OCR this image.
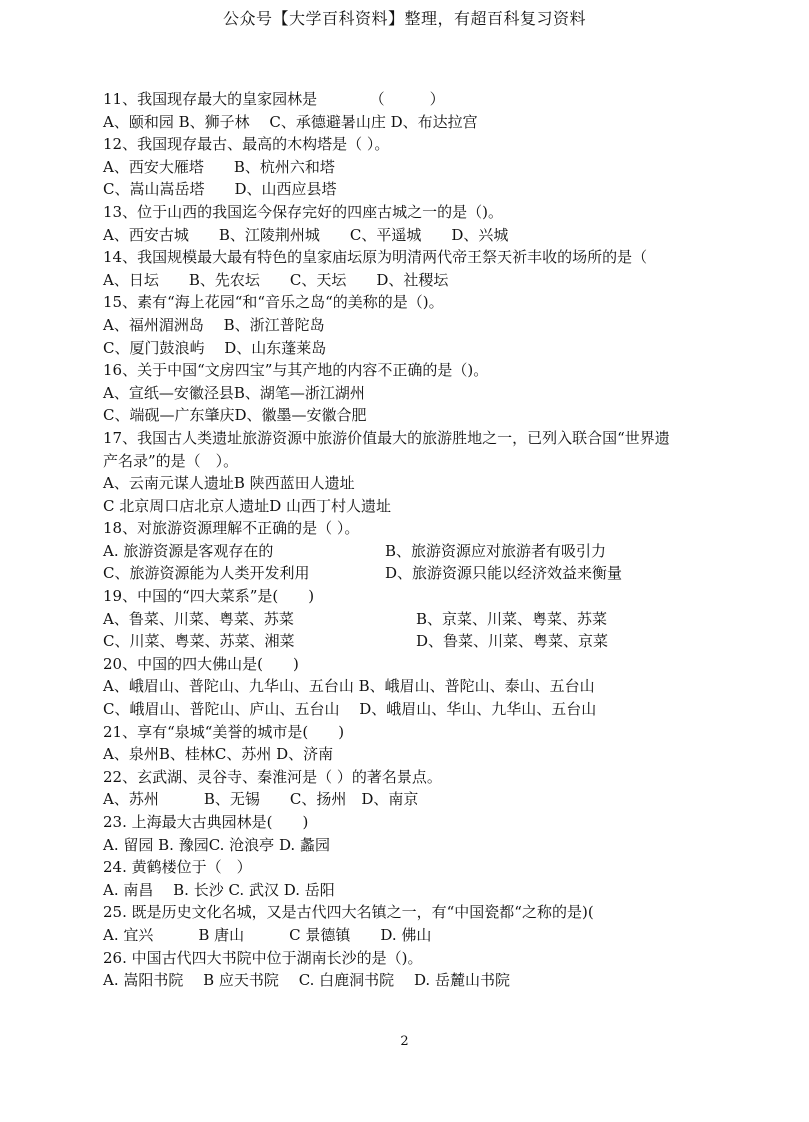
公众号【大学百科资料】整理，有超百科复习资料
11、我国现存最大的皇家园林是　　　　（　　　）
A、颐和园 B、狮子林　 C、承德避暑山庄 D、布达拉宫
12、我国现存最古、最高的木构塔是（ ）。
A、西安大雁塔　　B、杭州六和塔
C、嵩山嵩岳塔　　D、山西应县塔
13、位于山西的我国迄今保存完好的四座古城之一的是（)。
A、西安古城　　B、江陵荆州城　　C、平遥城　　D、兴城
14、我国规模最大最有特色的皇家庙坛原为明清两代帝王祭天祈丰收的场所的是（
A、日坛　　B、先农坛　　C、天坛　　D、社稷坛
15、素有“海上花园“和“音乐之岛“的美称的是（)。
A、福州湄洲岛　 B、浙江普陀岛
C、厦门鼓浪屿　 D、山东蓬莱岛
16、关于中国“文房四宝”与其产地的内容不正确的是（)。
A、宣纸—安徽泾县B、湖笔—浙江湖州
C、端砚—广东肇庆D、徽墨—安徽合肥
17、我国古人类遗址旅游资源中旅游价值最大的旅游胜地之一，已列入联合国“世界遗
产名录”的是（　）。
A、云南元谋人遗址B 陕西蓝田人遗址
C 北京周口店北京人遗址D 山西丁村人遗址
18、对旅游资源理解不正确的是（ ）。
A. 旅游资源是客观存在的	B、旅游资源应对旅游者有吸引力
C、旅游资源能为人类开发利用	D、旅游资源只能以经济效益来衡量
19、中国的“四大菜系”是(　　)
A、鲁菜、川菜、粤菜、苏菜	B、京菜、川菜、粤菜、苏菜
C、川菜、粤菜、苏菜、湘菜	D、鲁菜、川菜、粤菜、京菜
20、中国的四大佛山是(　　)
A、峨眉山、普陀山、九华山、五台山 B、峨眉山、普陀山、泰山、五台山
C、峨眉山、普陀山、庐山、五台山　 D、峨眉山、华山、九华山、五台山
21、享有“泉城“美誉的城市是(　　)
A、泉州B、桂林C、苏州 D、济南
22、玄武湖、灵谷寺、秦淮河是（ ）的著名景点。
A、苏州　　　B、无锡　　C、扬州　D、南京
23. 上海最大古典园林是(　　)
A. 留园 B. 豫园C. 沧浪亭 D. 蠡园
24. 黄鹤楼位于（　）
A. 南昌　 B. 长沙 C. 武汉 D. 岳阳
25. 既是历史文化名城，又是古代四大名镇之一，有“中国瓷都“之称的是)(
A. 宜兴　　　B 唐山　　　C 景德镇　　D. 佛山
26. 中国古代四大书院中位于湖南长沙的是（)。
A. 嵩阳书院　 B 应天书院　 C. 白鹿洞书院　 D. 岳麓山书院
2
